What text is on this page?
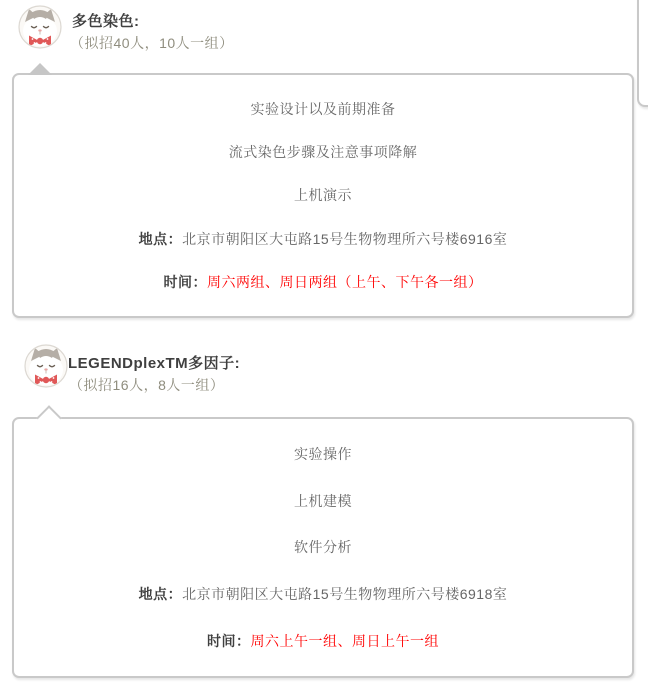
多色染色:
（拟招40人，10人一组）
实验设计以及前期准备
流式染色步骤及注意事项降解
上机演示
地点：北京市朝阳区大屯路15号生物物理所六号楼6916室
时间：周六两组、周日两组（上午、下午各一组）
LEGENDplexTM多因子:
（拟招16人，8人一组）
实验操作
上机建模
软件分析
地点：北京市朝阳区大屯路15号生物物理所六号楼6918室
时间：周六上午一组、周日上午一组
